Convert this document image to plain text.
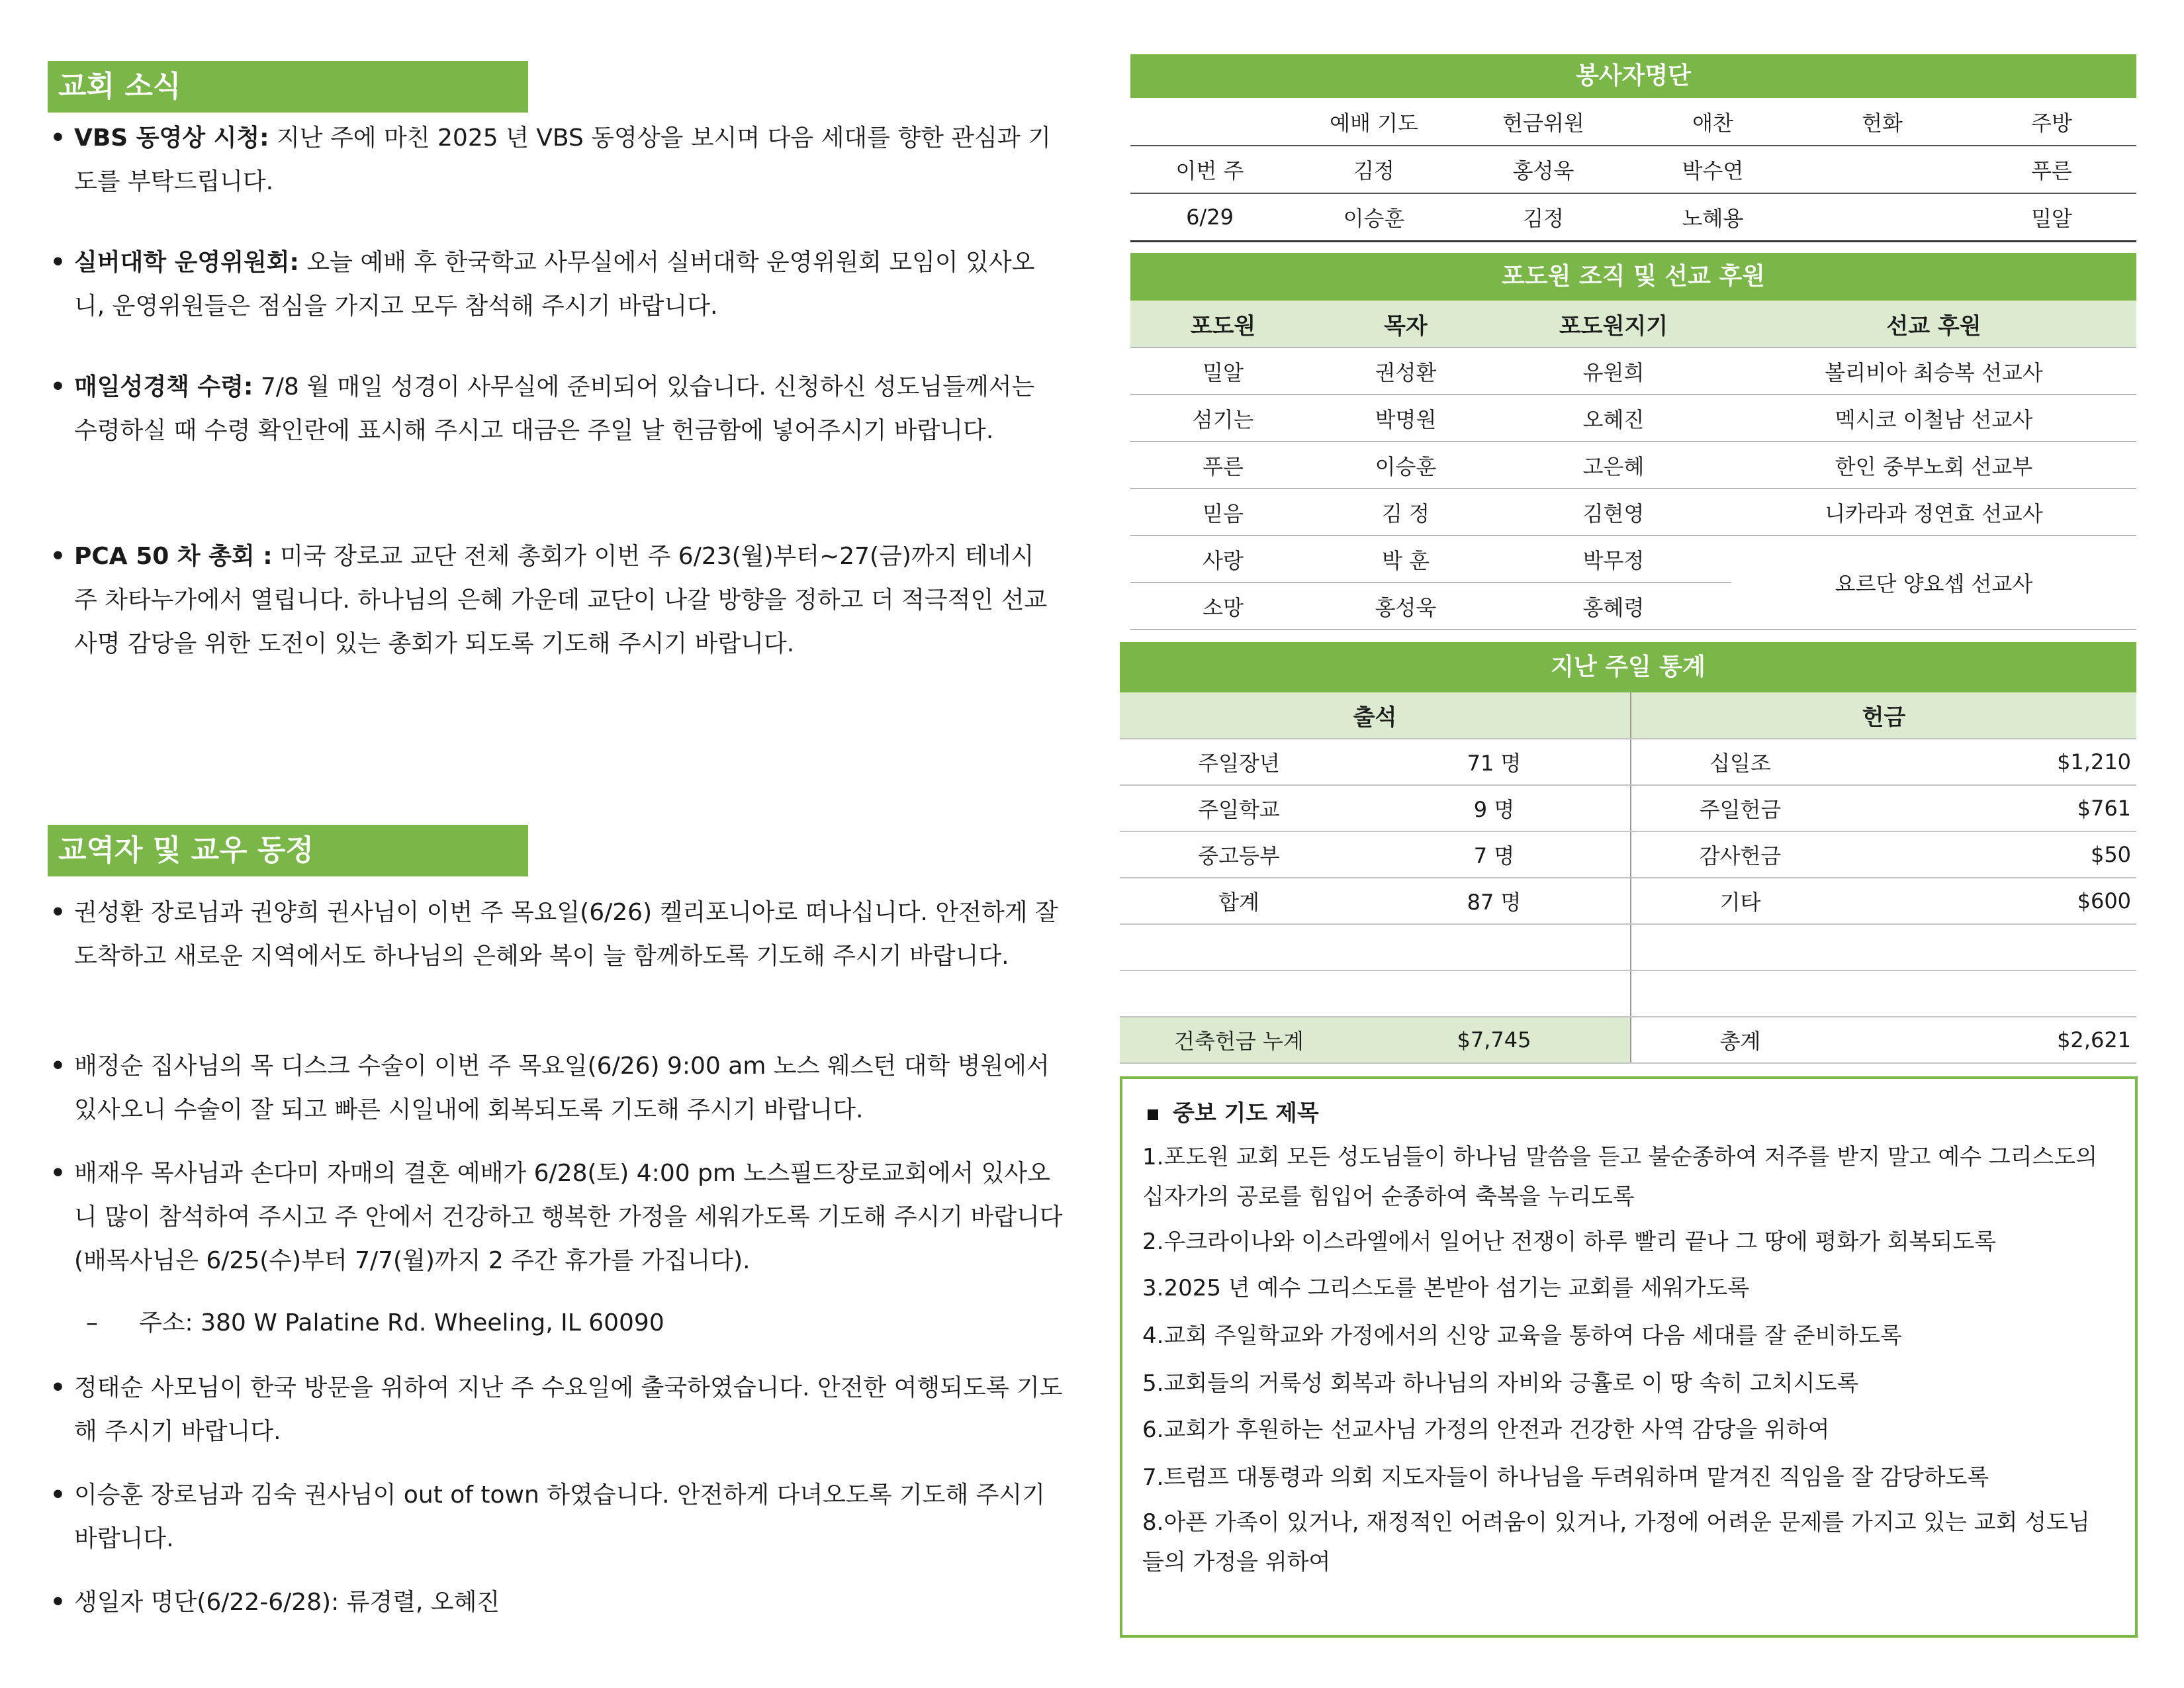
교회 소식
• VBS 동영상 시청: 지난 주에 마친 2025 년 VBS 동영상을 보시며 다음 세대를 향한 관심과 기도를 부탁드립니다.
• 실버대학 운영위원회: 오늘 예배 후 한국학교 사무실에서 실버대학 운영위원회 모임이 있사오니, 운영위원들은 점심을 가지고 모두 참석해 주시기 바랍니다.
• 매일성경책 수령: 7/8 월 매일 성경이 사무실에 준비되어 있습니다. 신청하신 성도님들께서는 수령하실 때 수령 확인란에 표시해 주시고 대금은 주일 날 헌금함에 넣어주시기 바랍니다.
• PCA 50 차 총회 : 미국 장로교 교단 전체 총회가 이번 주 6/23(월)부터~27(금)까지 테네시 주 차타누가에서 열립니다. 하나님의 은혜 가운데 교단이 나갈 방향을 정하고 더 적극적인 선교 사명 감당을 위한 도전이 있는 총회가 되도록 기도해 주시기 바랍니다.
교역자 및 교우 동정
• 권성환 장로님과 권양희 권사님이 이번 주 목요일(6/26) 켈리포니아로 떠나십니다. 안전하게 잘 도착하고 새로운 지역에서도 하나님의 은혜와 복이 늘 함께하도록 기도해 주시기 바랍니다.
• 배정순 집사님의 목 디스크 수술이 이번 주 목요일(6/26) 9:00 am 노스 웨스턴 대학 병원에서 있사오니 수술이 잘 되고 빠른 시일내에 회복되도록 기도해 주시기 바랍니다.
• 배재우 목사님과 손다미 자매의 결혼 예배가 6/28(토) 4:00 pm 노스필드장로교회에서 있사오니 많이 참석하여 주시고 주 안에서 건강하고 행복한 가정을 세워가도록 기도해 주시기 바랍니다(배목사님은 6/25(수)부터 7/7(월)까지 2 주간 휴가를 가집니다).
– 주소: 380 W Palatine Rd. Wheeling, IL 60090
• 정태순 사모님이 한국 방문을 위하여 지난 주 수요일에 출국하였습니다. 안전한 여행되도록 기도해 주시기 바랍니다.
• 이승훈 장로님과 김숙 권사님이 out of town 하였습니다. 안전하게 다녀오도록 기도해 주시기 바랍니다.
• 생일자 명단(6/22-6/28): 류경렬, 오혜진
봉사자명단
	예배 기도	헌금위원	애찬	헌화	주방
이번 주	김정	홍성욱	박수연		푸른
6/29	이승훈	김정	노혜용		밀알
포도원 조직 및 선교 후원
포도원	목자	포도원지기	선교 후원
밀알	권성환	유원희	볼리비아 최승복 선교사
섬기는	박명원	오혜진	멕시코 이철남 선교사
푸른	이승훈	고은혜	한인 중부노회 선교부
믿음	김 정	김현영	니카라과 정연효 선교사
사랑	박 훈	박무정	요르단 양요셉 선교사
소망	홍성욱	홍혜령	
지난 주일 통계
출석		헌금	
주일장년	71 명	십일조	$1,210
주일학교	9 명	주일헌금	$761
중고등부	7 명	감사헌금	$50
합계	87 명	기타	$600

건축헌금 누계	$7,745	총계	$2,621
중보 기도 제목
1.포도원 교회 모든 성도님들이 하나님 말씀을 듣고 불순종하여 저주를 받지 말고 예수 그리스도의 십자가의 공로를 힘입어 순종하여 축복을 누리도록
2.우크라이나와 이스라엘에서 일어난 전쟁이 하루 빨리 끝나 그 땅에 평화가 회복되도록
3.2025 년 예수 그리스도를 본받아 섬기는 교회를 세워가도록
4.교회 주일학교와 가정에서의 신앙 교육을 통하여 다음 세대를 잘 준비하도록
5.교회들의 거룩성 회복과 하나님의 자비와 긍휼로 이 땅 속히 고치시도록
6.교회가 후원하는 선교사님 가정의 안전과 건강한 사역 감당을 위하여
7.트럼프 대통령과 의회 지도자들이 하나님을 두려워하며 맡겨진 직임을 잘 감당하도록
8.아픈 가족이 있거나, 재정적인 어려움이 있거나, 가정에 어려운 문제를 가지고 있는 교회 성도님들의 가정을 위하여
